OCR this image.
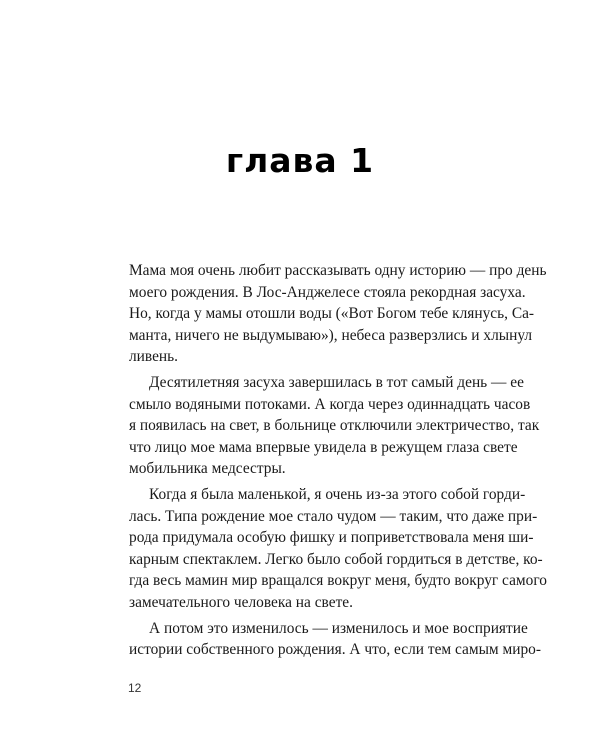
глава 1
Мама моя очень любит рассказывать одну историю — про день
моего рождения. В Лос-Анджелесе стояла рекордная засуха.
Но, когда у мамы отошли воды («Вот Богом тебе клянусь, Са-
манта, ничего не выдумываю»), небеса разверзлись и хлынул
ливень.
Десятилетняя засуха завершилась в тот самый день — ее
смыло водяными потоками. А когда через одиннадцать часов
я появилась на свет, в больнице отключили электричество, так
что лицо мое мама впервые увидела в режущем глаза свете
мобильника медсестры.
Когда я была маленькой, я очень из-за этого собой горди-
лась. Типа рождение мое стало чудом — таким, что даже при-
рода придумала особую фишку и поприветствовала меня ши-
карным спектаклем. Легко было собой гордиться в детстве, ко-
гда весь мамин мир вращался вокруг меня, будто вокруг самого
замечательного человека на свете.
А потом это изменилось — изменилось и мое восприятие
истории собственного рождения. А что, если тем самым миро-
12
